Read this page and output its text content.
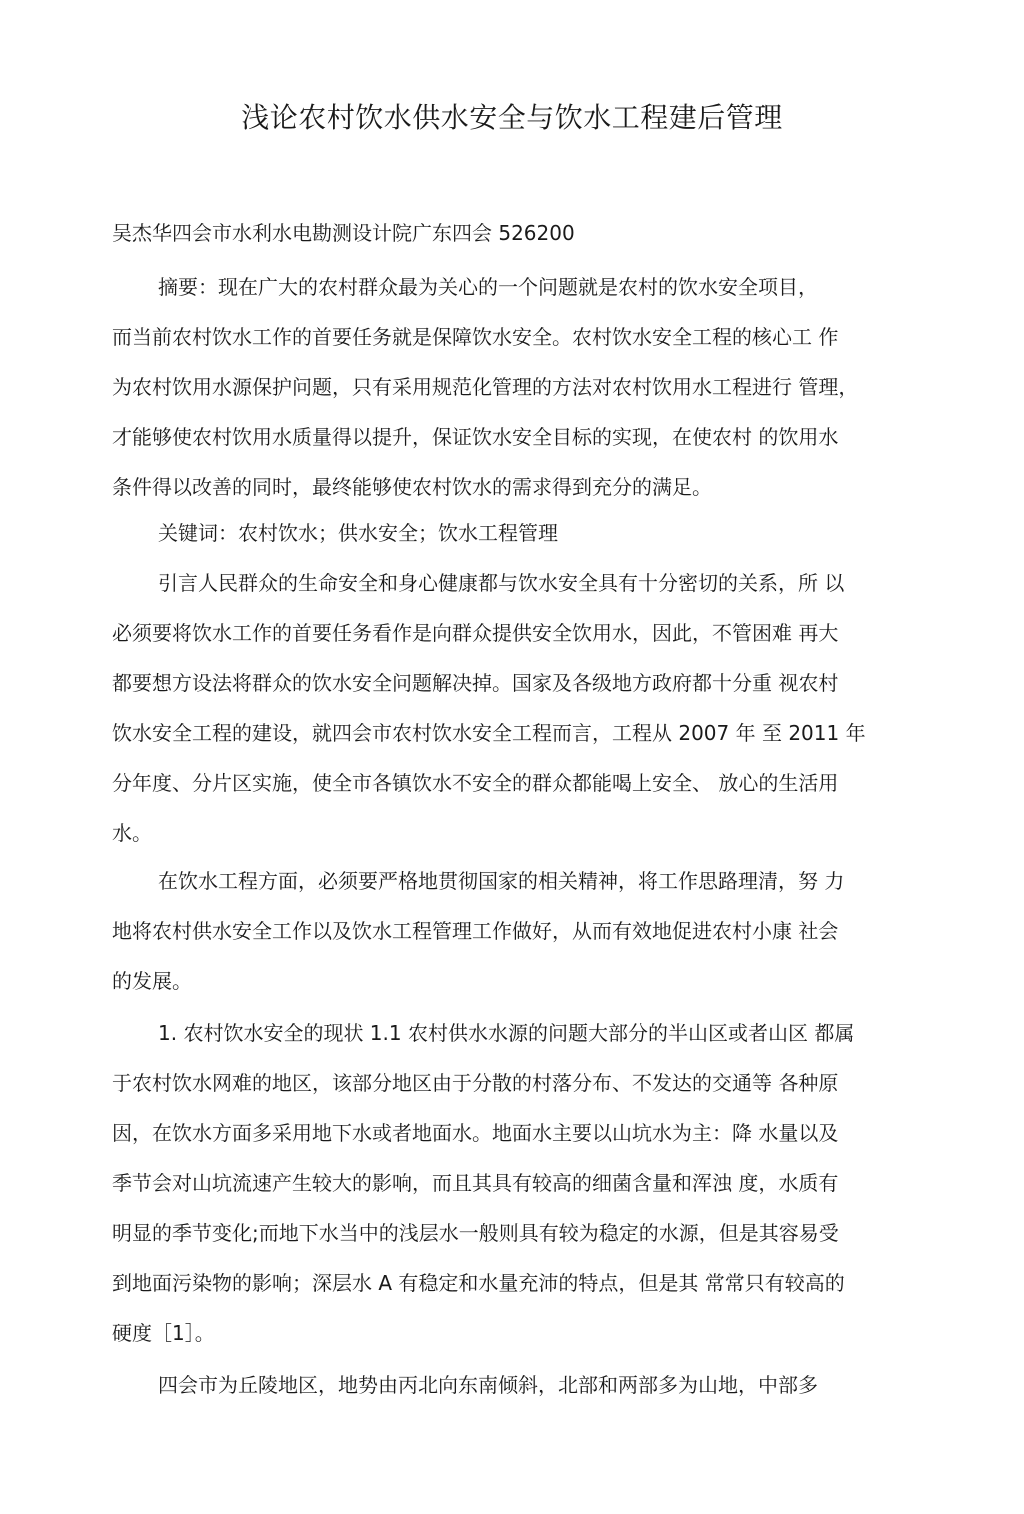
浅论农村饮水供水安全与饮水工程建后管理
吴杰华四会市水利水电勘测设计院广东四会 526200
摘要：现在广大的农村群众最为关心的一个问题就是农村的饮水安全项目，
而当前农村饮水工作的首要任务就是保障饮水安全。农村饮水安全工程的核心工 作
为农村饮用水源保护问题，只有采用规范化管理的方法对农村饮用水工程进行 管理，
才能够使农村饮用水质量得以提升，保证饮水安全目标的实现，在使农村 的饮用水
条件得以改善的同时，最终能够使农村饮水的需求得到充分的满足。
关键词：农村饮水；供水安全；饮水工程管理
引言人民群众的生命安全和身心健康都与饮水安全具有十分密切的关系，所 以
必须要将饮水工作的首要任务看作是向群众提供安全饮用水，因此，不管困难 再大
都要想方设法将群众的饮水安全问题解决掉。国家及各级地方政府都十分重 视农村
饮水安全工程的建设，就四会市农村饮水安全工程而言，工程从 2007 年 至 2011 年
分年度、分片区实施，使全市各镇饮水不安全的群众都能喝上安全、 放心的生活用
水。
在饮水工程方面，必须要严格地贯彻国家的相关精神，将工作思路理清，努 力
地将农村供水安全工作以及饮水工程管理工作做好，从而有效地促进农村小康 社会
的发展。
1. 农村饮水安全的现状 1.1 农村供水水源的问题大部分的半山区或者山区 都属
于农村饮水网难的地区，该部分地区由于分散的村落分布、不发达的交通等 各种原
因，在饮水方面多采用地下水或者地面水。地面水主要以山坑水为主：降 水量以及
季节会对山坑流速产生较大的影响，而且其具有较高的细菌含量和浑浊 度，水质有
明显的季节变化;而地下水当中的浅层水一般则具有较为稳定的水源，但是其容易受
到地面污染物的影响；深层水 A 有稳定和水量充沛的特点，但是其 常常只有较高的
硬度［1］。
四会市为丘陵地区，地势由丙北向东南倾斜，北部和两部多为山地，中部多
